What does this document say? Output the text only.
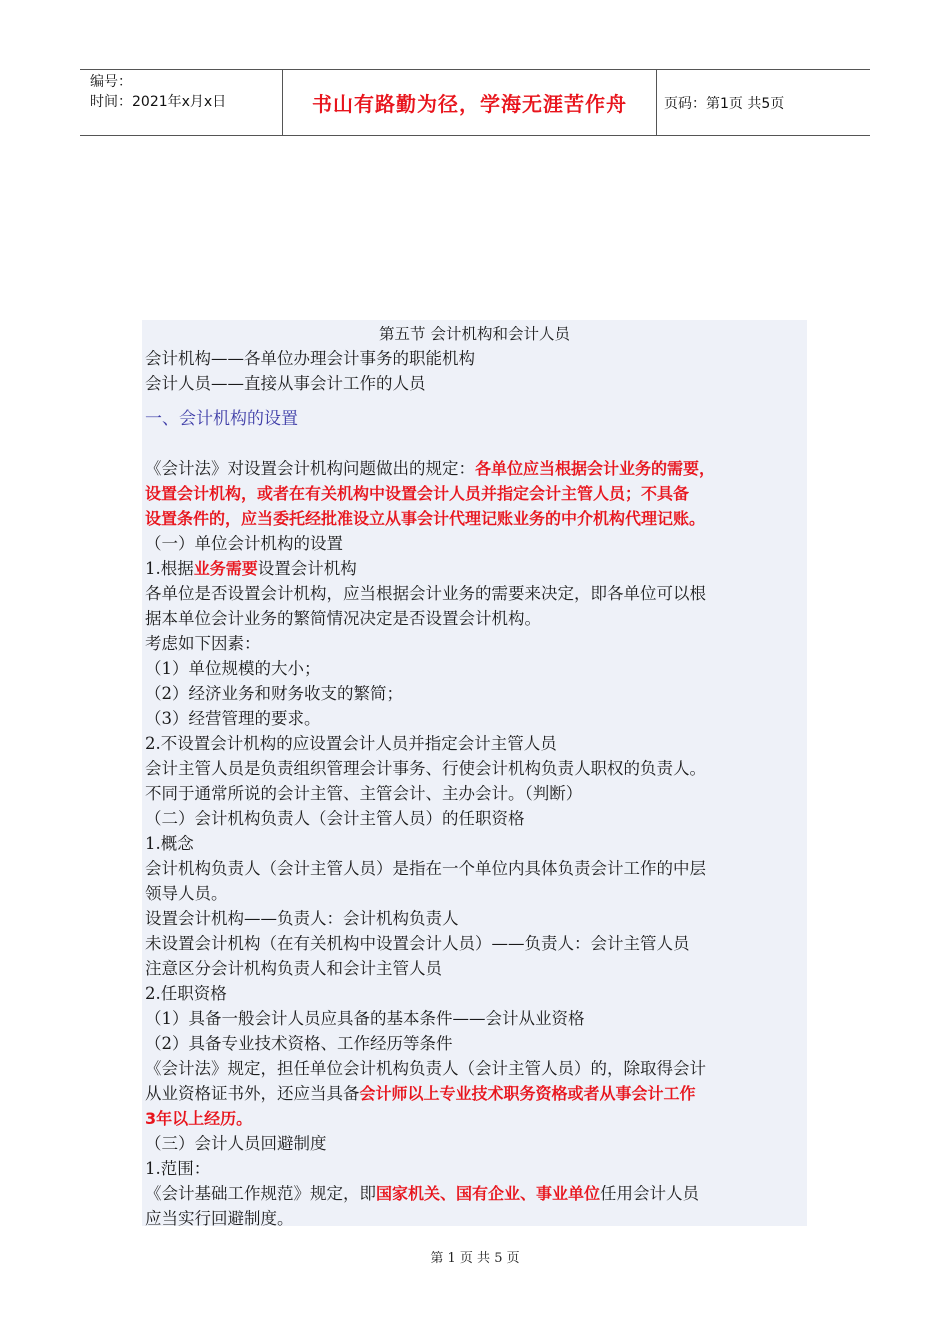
编号：
时间：2021年x月x日	书山有路勤为径，学海无涯苦作舟	页码：第1页 共5页
第五节 会计机构和会计人员
会计机构——各单位办理会计事务的职能机构
会计人员——直接从事会计工作的人员
一、会计机构的设置
《会计法》对设置会计机构问题做出的规定：各单位应当根据会计业务的需要，
设置会计机构，或者在有关机构中设置会计人员并指定会计主管人员；不具备
设置条件的，应当委托经批准设立从事会计代理记账业务的中介机构代理记账。
（一）单位会计机构的设置
1.根据业务需要设置会计机构
各单位是否设置会计机构，应当根据会计业务的需要来决定，即各单位可以根
据本单位会计业务的繁简情况决定是否设置会计机构。
考虑如下因素：
（1）单位规模的大小；
（2）经济业务和财务收支的繁简；
（3）经营管理的要求。
2.不设置会计机构的应设置会计人员并指定会计主管人员
会计主管人员是负责组织管理会计事务、行使会计机构负责人职权的负责人。
不同于通常所说的会计主管、主管会计、主办会计。（判断）
（二）会计机构负责人（会计主管人员）的任职资格
1.概念
会计机构负责人（会计主管人员）是指在一个单位内具体负责会计工作的中层
领导人员。
设置会计机构——负责人：会计机构负责人
未设置会计机构（在有关机构中设置会计人员）——负责人：会计主管人员
注意区分会计机构负责人和会计主管人员
2.任职资格
（1）具备一般会计人员应具备的基本条件——会计从业资格
（2）具备专业技术资格、工作经历等条件
《会计法》规定，担任单位会计机构负责人（会计主管人员）的，除取得会计
从业资格证书外，还应当具备会计师以上专业技术职务资格或者从事会计工作
3年以上经历。
（三）会计人员回避制度
1.范围：
《会计基础工作规范》规定，即国家机关、国有企业、事业单位任用会计人员
应当实行回避制度。
第 1 页 共 5 页
